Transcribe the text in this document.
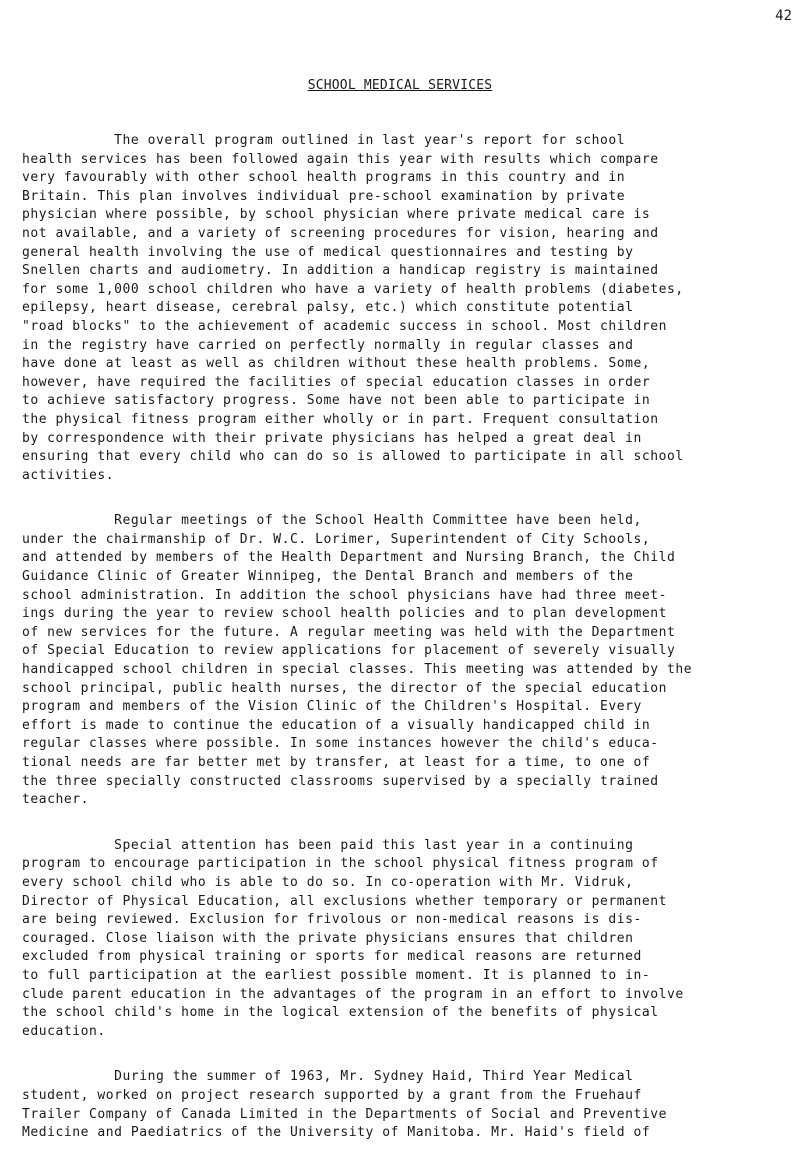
42
SCHOOL MEDICAL SERVICES
The overall program outlined in last year's report for school
health services has been followed again this year with results which compare
very favourably with other school health programs in this country and in
Britain. This plan involves individual pre-school examination by private
physician where possible, by school physician where private medical care is
not available, and a variety of screening procedures for vision, hearing and
general health involving the use of medical questionnaires and testing by
Snellen charts and audiometry. In addition a handicap registry is maintained
for some 1,000 school children who have a variety of health problems (diabetes,
epilepsy, heart disease, cerebral palsy, etc.) which constitute potential
"road blocks" to the achievement of academic success in school. Most children
in the registry have carried on perfectly normally in regular classes and
have done at least as well as children without these health problems. Some,
however, have required the facilities of special education classes in order
to achieve satisfactory progress. Some have not been able to participate in
the physical fitness program either wholly or in part. Frequent consultation
by correspondence with their private physicians has helped a great deal in
ensuring that every child who can do so is allowed to participate in all school
activities.
Regular meetings of the School Health Committee have been held,
under the chairmanship of Dr. W.C. Lorimer, Superintendent of City Schools,
and attended by members of the Health Department and Nursing Branch, the Child
Guidance Clinic of Greater Winnipeg, the Dental Branch and members of the
school administration. In addition the school physicians have had three meet-
ings during the year to review school health policies and to plan development
of new services for the future. A regular meeting was held with the Department
of Special Education to review applications for placement of severely visually
handicapped school children in special classes. This meeting was attended by the
school principal, public health nurses, the director of the special education
program and members of the Vision Clinic of the Children's Hospital. Every
effort is made to continue the education of a visually handicapped child in
regular classes where possible. In some instances however the child's educa-
tional needs are far better met by transfer, at least for a time, to one of
the three specially constructed classrooms supervised by a specially trained
teacher.
Special attention has been paid this last year in a continuing
program to encourage participation in the school physical fitness program of
every school child who is able to do so. In co-operation with Mr. Vidruk,
Director of Physical Education, all exclusions whether temporary or permanent
are being reviewed. Exclusion for frivolous or non-medical reasons is dis-
couraged. Close liaison with the private physicians ensures that children
excluded from physical training or sports for medical reasons are returned
to full participation at the earliest possible moment. It is planned to in-
clude parent education in the advantages of the program in an effort to involve
the school child's home in the logical extension of the benefits of physical
education.
During the summer of 1963, Mr. Sydney Haid, Third Year Medical
student, worked on project research supported by a grant from the Fruehauf
Trailer Company of Canada Limited in the Departments of Social and Preventive
Medicine and Paediatrics of the University of Manitoba. Mr. Haid's field of
